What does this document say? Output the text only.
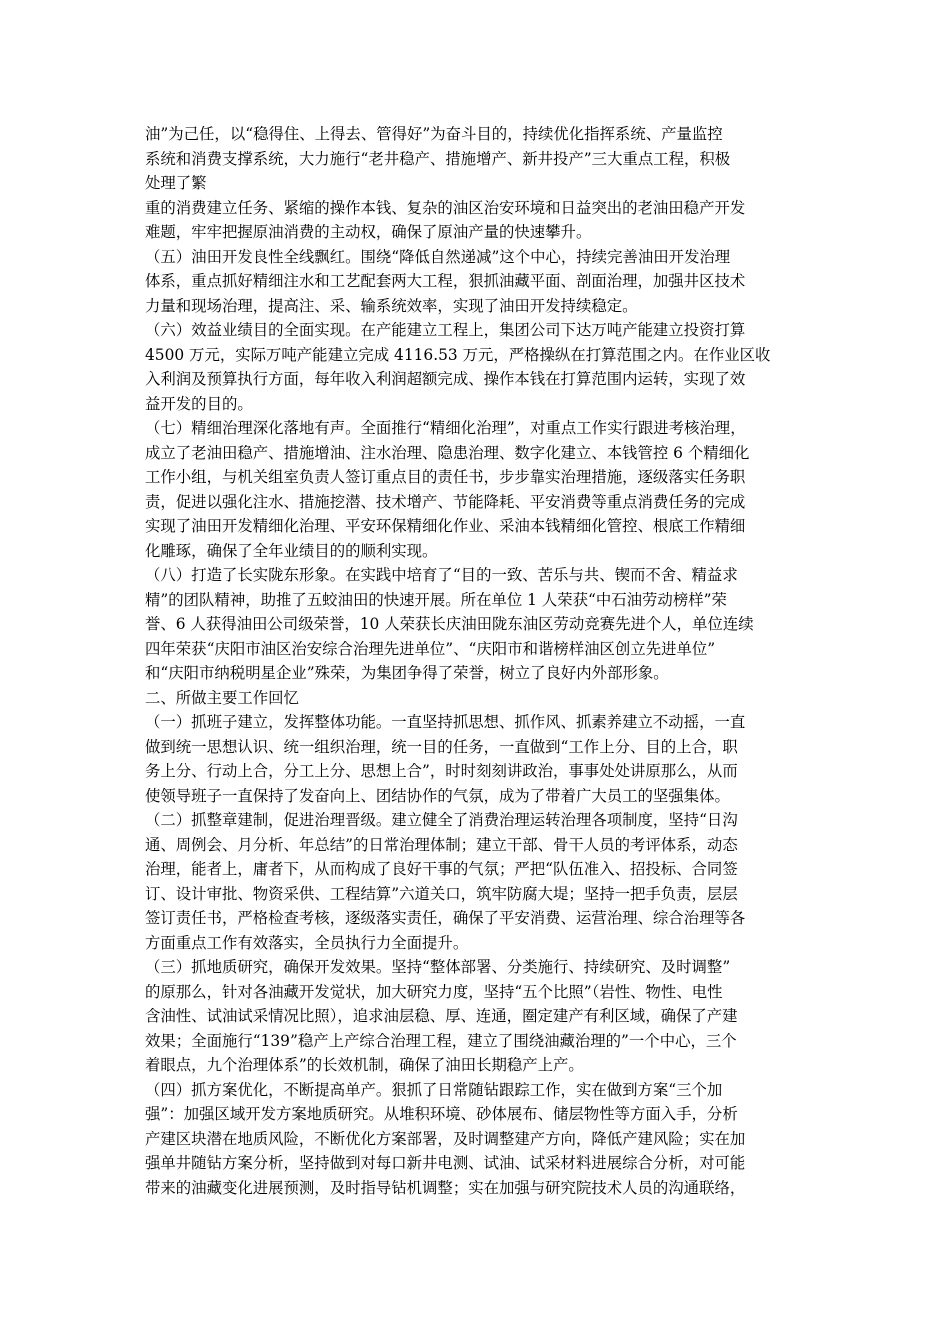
油”为己任，以“稳得住、上得去、管得好”为奋斗目的，持续优化指挥系统、产量监控

系统和消费支撑系统，大力施行“老井稳产、措施增产、新井投产”三大重点工程，积极

处理了繁

重的消费建立任务、紧缩的操作本钱、复杂的油区治安环境和日益突出的老油田稳产开发

难题，牢牢把握原油消费的主动权，确保了原油产量的快速攀升。

（五）油田开发良性全线飘红。围绕“降低自然递减”这个中心，持续完善油田开发治理

体系，重点抓好精细注水和工艺配套两大工程，狠抓油藏平面、剖面治理，加强井区技术

力量和现场治理，提高注、采、输系统效率，实现了油田开发持续稳定。

（六）效益业绩目的全面实现。在产能建立工程上，集团公司下达万吨产能建立投资打算

4500 万元，实际万吨产能建立完成 4116.53 万元，严格操纵在打算范围之内。在作业区收

入利润及预算执行方面，每年收入利润超额完成、操作本钱在打算范围内运转，实现了效

益开发的目的。

（七）精细治理深化落地有声。全面推行“精细化治理”，对重点工作实行跟进考核治理，

成立了老油田稳产、措施增油、注水治理、隐患治理、数字化建立、本钱管控 6 个精细化

工作小组，与机关组室负责人签订重点目的责任书，步步靠实治理措施，逐级落实任务职

责，促进以强化注水、措施挖潜、技术增产、节能降耗、平安消费等重点消费任务的完成

实现了油田开发精细化治理、平安环保精细化作业、采油本钱精细化管控、根底工作精细

化雕琢，确保了全年业绩目的的顺利实现。

（八）打造了长实陇东形象。在实践中培育了“目的一致、苦乐与共、锲而不舍、精益求

精”的团队精神，助推了五蛟油田的快速开展。所在单位 1 人荣获“中石油劳动榜样”荣

誉、6 人获得油田公司级荣誉，10 人荣获长庆油田陇东油区劳动竞赛先进个人，单位连续

四年荣获“庆阳市油区治安综合治理先进单位”、“庆阳市和谐榜样油区创立先进单位”

和“庆阳市纳税明星企业”殊荣，为集团争得了荣誉，树立了良好内外部形象。

二、所做主要工作回忆

（一）抓班子建立，发挥整体功能。一直坚持抓思想、抓作风、抓素养建立不动摇，一直

做到统一思想认识、统一组织治理，统一目的任务，一直做到“工作上分、目的上合，职

务上分、行动上合，分工上分、思想上合”，时时刻刻讲政治，事事处处讲原那么，从而

使领导班子一直保持了发奋向上、团结协作的气氛，成为了带着广大员工的坚强集体。

（二）抓整章建制，促进治理晋级。建立健全了消费治理运转治理各项制度，坚持“日沟

通、周例会、月分析、年总结”的日常治理体制；建立干部、骨干人员的考评体系，动态

治理，能者上，庸者下，从而构成了良好干事的气氛；严把“队伍准入、招投标、合同签

订、设计审批、物资采供、工程结算”六道关口，筑牢防腐大堤；坚持一把手负责，层层

签订责任书，严格检查考核，逐级落实责任，确保了平安消费、运营治理、综合治理等各

方面重点工作有效落实，全员执行力全面提升。

（三）抓地质研究，确保开发效果。坚持“整体部署、分类施行、持续研究、及时调整”

的原那么，针对各油藏开发觉状，加大研究力度，坚持“五个比照”（岩性、物性、电性

含油性、试油试采情况比照），追求油层稳、厚、连通，圈定建产有利区域，确保了产建

效果；全面施行“139”稳产上产综合治理工程，建立了围绕油藏治理的”一个中心，三个

着眼点，九个治理体系”的长效机制，确保了油田长期稳产上产。

（四）抓方案优化，不断提高单产。狠抓了日常随钻跟踪工作，实在做到方案“三个加

强”：加强区域开发方案地质研究。从堆积环境、砂体展布、储层物性等方面入手，分析

产建区块潜在地质风险，不断优化方案部署，及时调整建产方向，降低产建风险；实在加

强单井随钻方案分析，坚持做到对每口新井电测、试油、试采材料进展综合分析，对可能

带来的油藏变化进展预测，及时指导钻机调整；实在加强与研究院技术人员的沟通联络，
